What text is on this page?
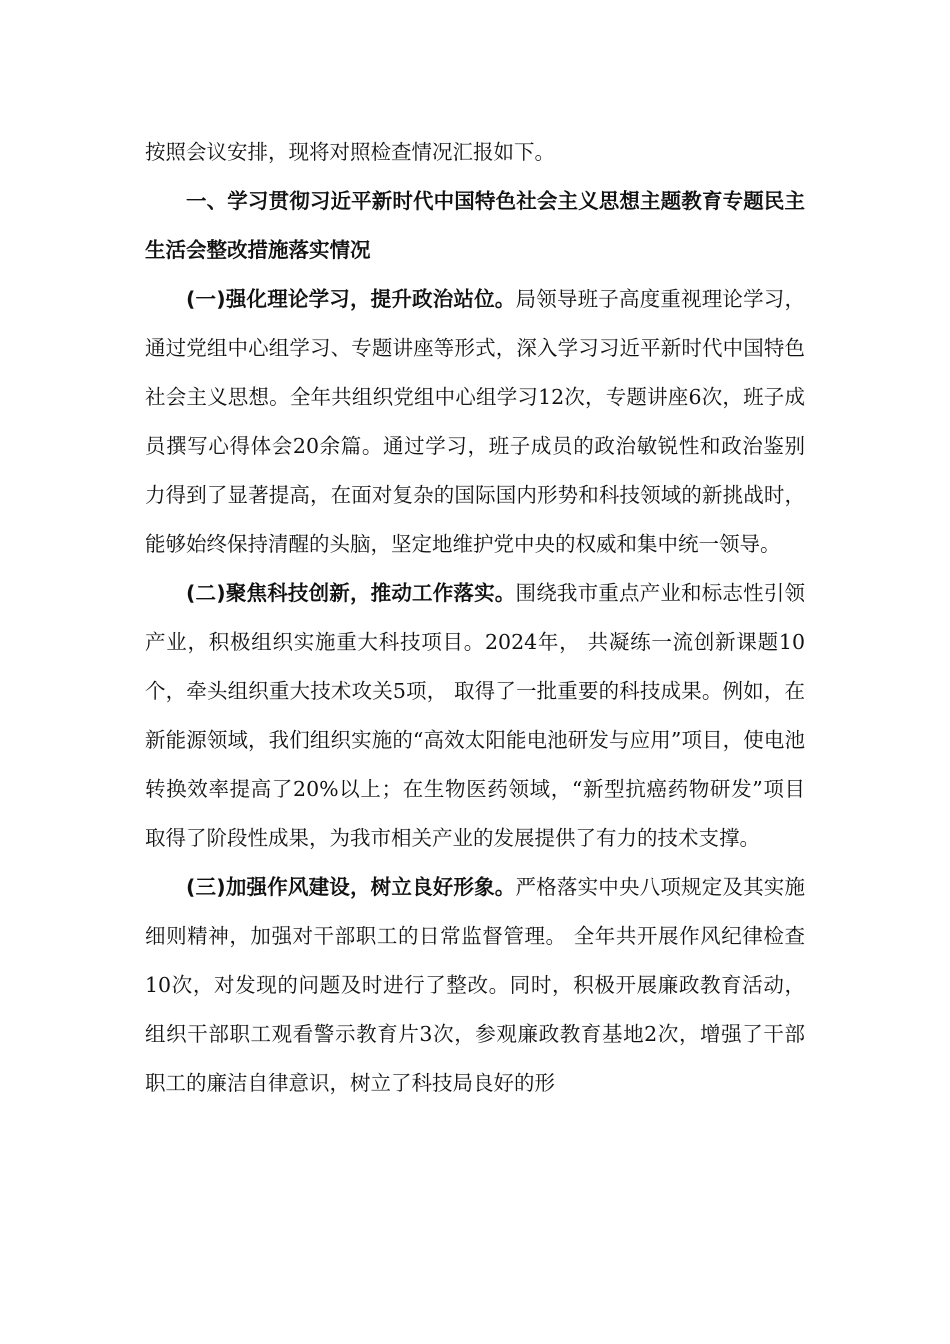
按照会议安排，现将对照检查情况汇报如下。

一、学习贯彻习近平新时代中国特色社会主义思想主题教育专题民主生活会整改措施落实情况

(一)强化理论学习，提升政治站位。局领导班子高度重视理论学习，通过党组中心组学习、专题讲座等形式，深入学习习近平新时代中国特色社会主义思想。全年共组织党组中心组学习12次，专题讲座6次，班子成员撰写心得体会20余篇。通过学习，班子成员的政治敏锐性和政治鉴别力得到了显著提高，在面对复杂的国际国内形势和科技领域的新挑战时，能够始终保持清醒的头脑，坚定地维护党中央的权威和集中统一领导。

(二)聚焦科技创新，推动工作落实。围绕我市重点产业和标志性引领产业，积极组织实施重大科技项目。2024年， 共凝练一流创新课题10个，牵头组织重大技术攻关5项， 取得了一批重要的科技成果。例如，在新能源领域，我们组织实施的“高效太阳能电池研发与应用”项目，使电池转换效率提高了20%以上；在生物医药领域，“新型抗癌药物研发”项目取得了阶段性成果，为我市相关产业的发展提供了有力的技术支撑。

(三)加强作风建设，树立良好形象。严格落实中央八项规定及其实施细则精神，加强对干部职工的日常监督管理。 全年共开展作风纪律检查10次，对发现的问题及时进行了整改。同时，积极开展廉政教育活动，组织干部职工观看警示教育片3次，参观廉政教育基地2次，增强了干部职工的廉洁自律意识，树立了科技局良好的形
